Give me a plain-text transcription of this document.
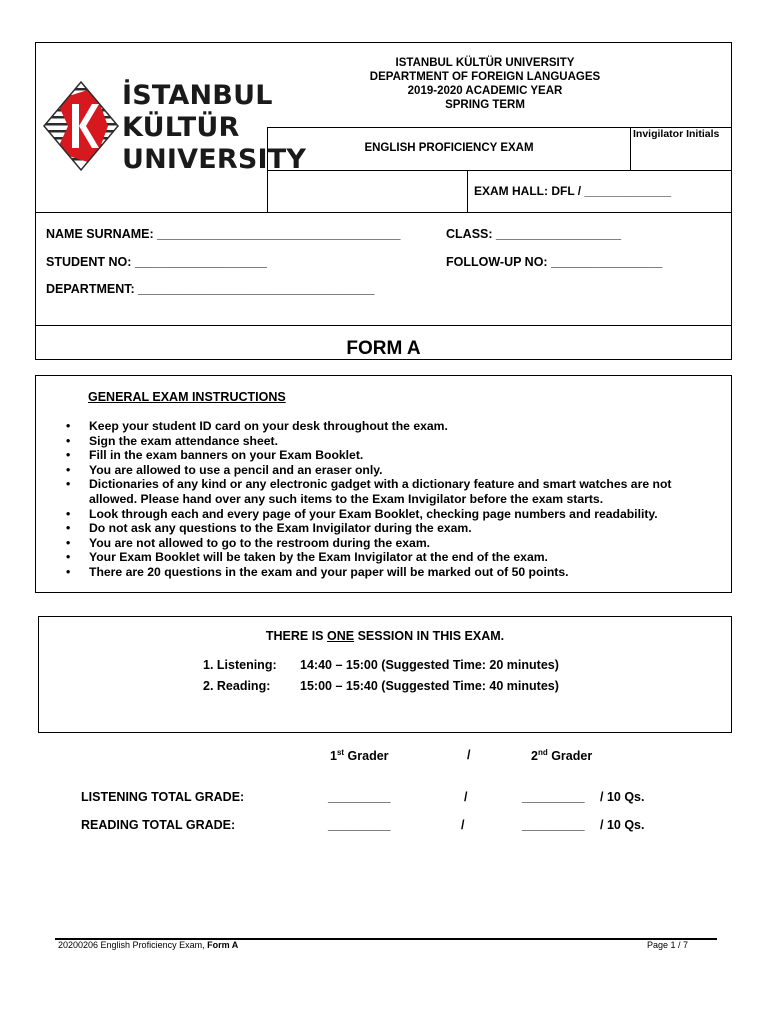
İSTANBUL
KÜLTÜR
UNIVERSITY
ISTANBUL KÜLTÜR UNIVERSITY
DEPARTMENT OF FOREIGN LANGUAGES
2019-2020 ACADEMIC YEAR
SPRING TERM
ENGLISH PROFICIENCY EXAM
Invigilator Initials
EXAM HALL: DFL / _____________
NAME SURNAME: ___________________________________	CLASS: __________________
STUDENT NO: ___________________	FOLLOW-UP NO: ________________
DEPARTMENT: __________________________________
FORM A
GENERAL EXAM INSTRUCTIONS
• Keep your student ID card on your desk throughout the exam.
• Sign the exam attendance sheet.
• Fill in the exam banners on your Exam Booklet.
• You are allowed to use a pencil and an eraser only.
• Dictionaries of any kind or any electronic gadget with a dictionary feature and smart watches are not allowed. Please hand over any such items to the Exam Invigilator before the exam starts.
• Look through each and every page of your Exam Booklet, checking page numbers and readability.
• Do not ask any questions to the Exam Invigilator during the exam.
• You are not allowed to go to the restroom during the exam.
• Your Exam Booklet will be taken by the Exam Invigilator at the end of the exam.
• There are 20 questions in the exam and your paper will be marked out of 50 points.
THERE IS ONE SESSION IN THIS EXAM.
1. Listening: 14:40 – 15:00 (Suggested Time: 20 minutes)
2. Reading: 15:00 – 15:40 (Suggested Time: 40 minutes)
1st Grader	/	2nd Grader
LISTENING TOTAL GRADE:	_________	/	_________ / 10 Qs.
READING TOTAL GRADE:	_________	/	_________ / 10 Qs.
20200206 English Proficiency Exam, Form A	Page 1 / 7
